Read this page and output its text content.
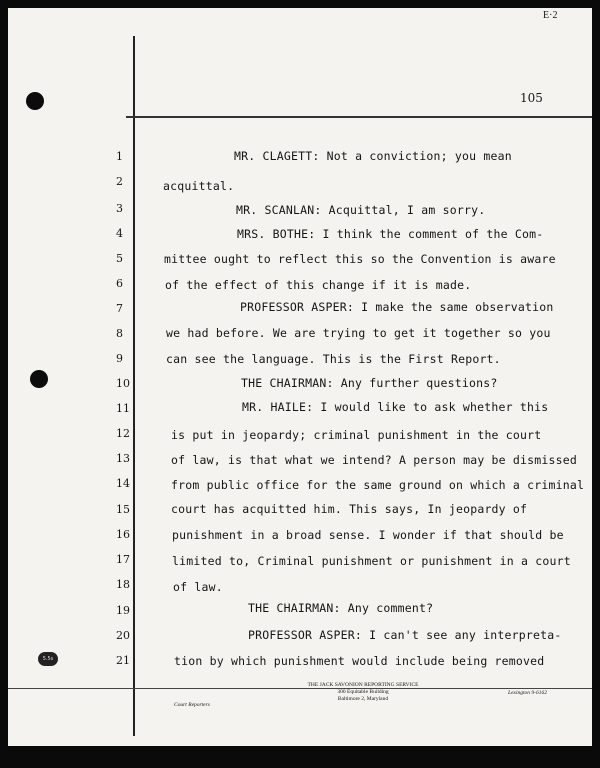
E·2
5.5s
105
1	MR. CLAGETT: Not a conviction; you mean
2	acquittal.
3	MR. SCANLAN: Acquittal, I am sorry.
4	MRS. BOTHE: I think the comment of the Com-
5	mittee ought to reflect this so the Convention is aware
6	of the effect of this change if it is made.
7	PROFESSOR ASPER: I make the same observation
8	we had before. We are trying to get it together so you
9	can see the language. This is the First Report.
10	THE CHAIRMAN: Any further questions?
11	MR. HAILE: I would like to ask whether this
12	is put in jeopardy; criminal punishment in the court
13	of law, is that what we intend? A person may be dismissed
14	from public office for the same ground on which a criminal
15	court has acquitted him. This says, In jeopardy of
16	punishment in a broad sense. I wonder if that should be
17	limited to, Criminal punishment or punishment in a court
18	of law.
19	THE CHAIRMAN: Any comment?
20	PROFESSOR ASPER: I can't see any interpreta-
21	tion by which punishment would include being removed
THE JACK SAVONION REPORTING SERVICE
300 Equitable Building
Baltimore 2, Maryland
Court Reporters
Lexington 9-6162
